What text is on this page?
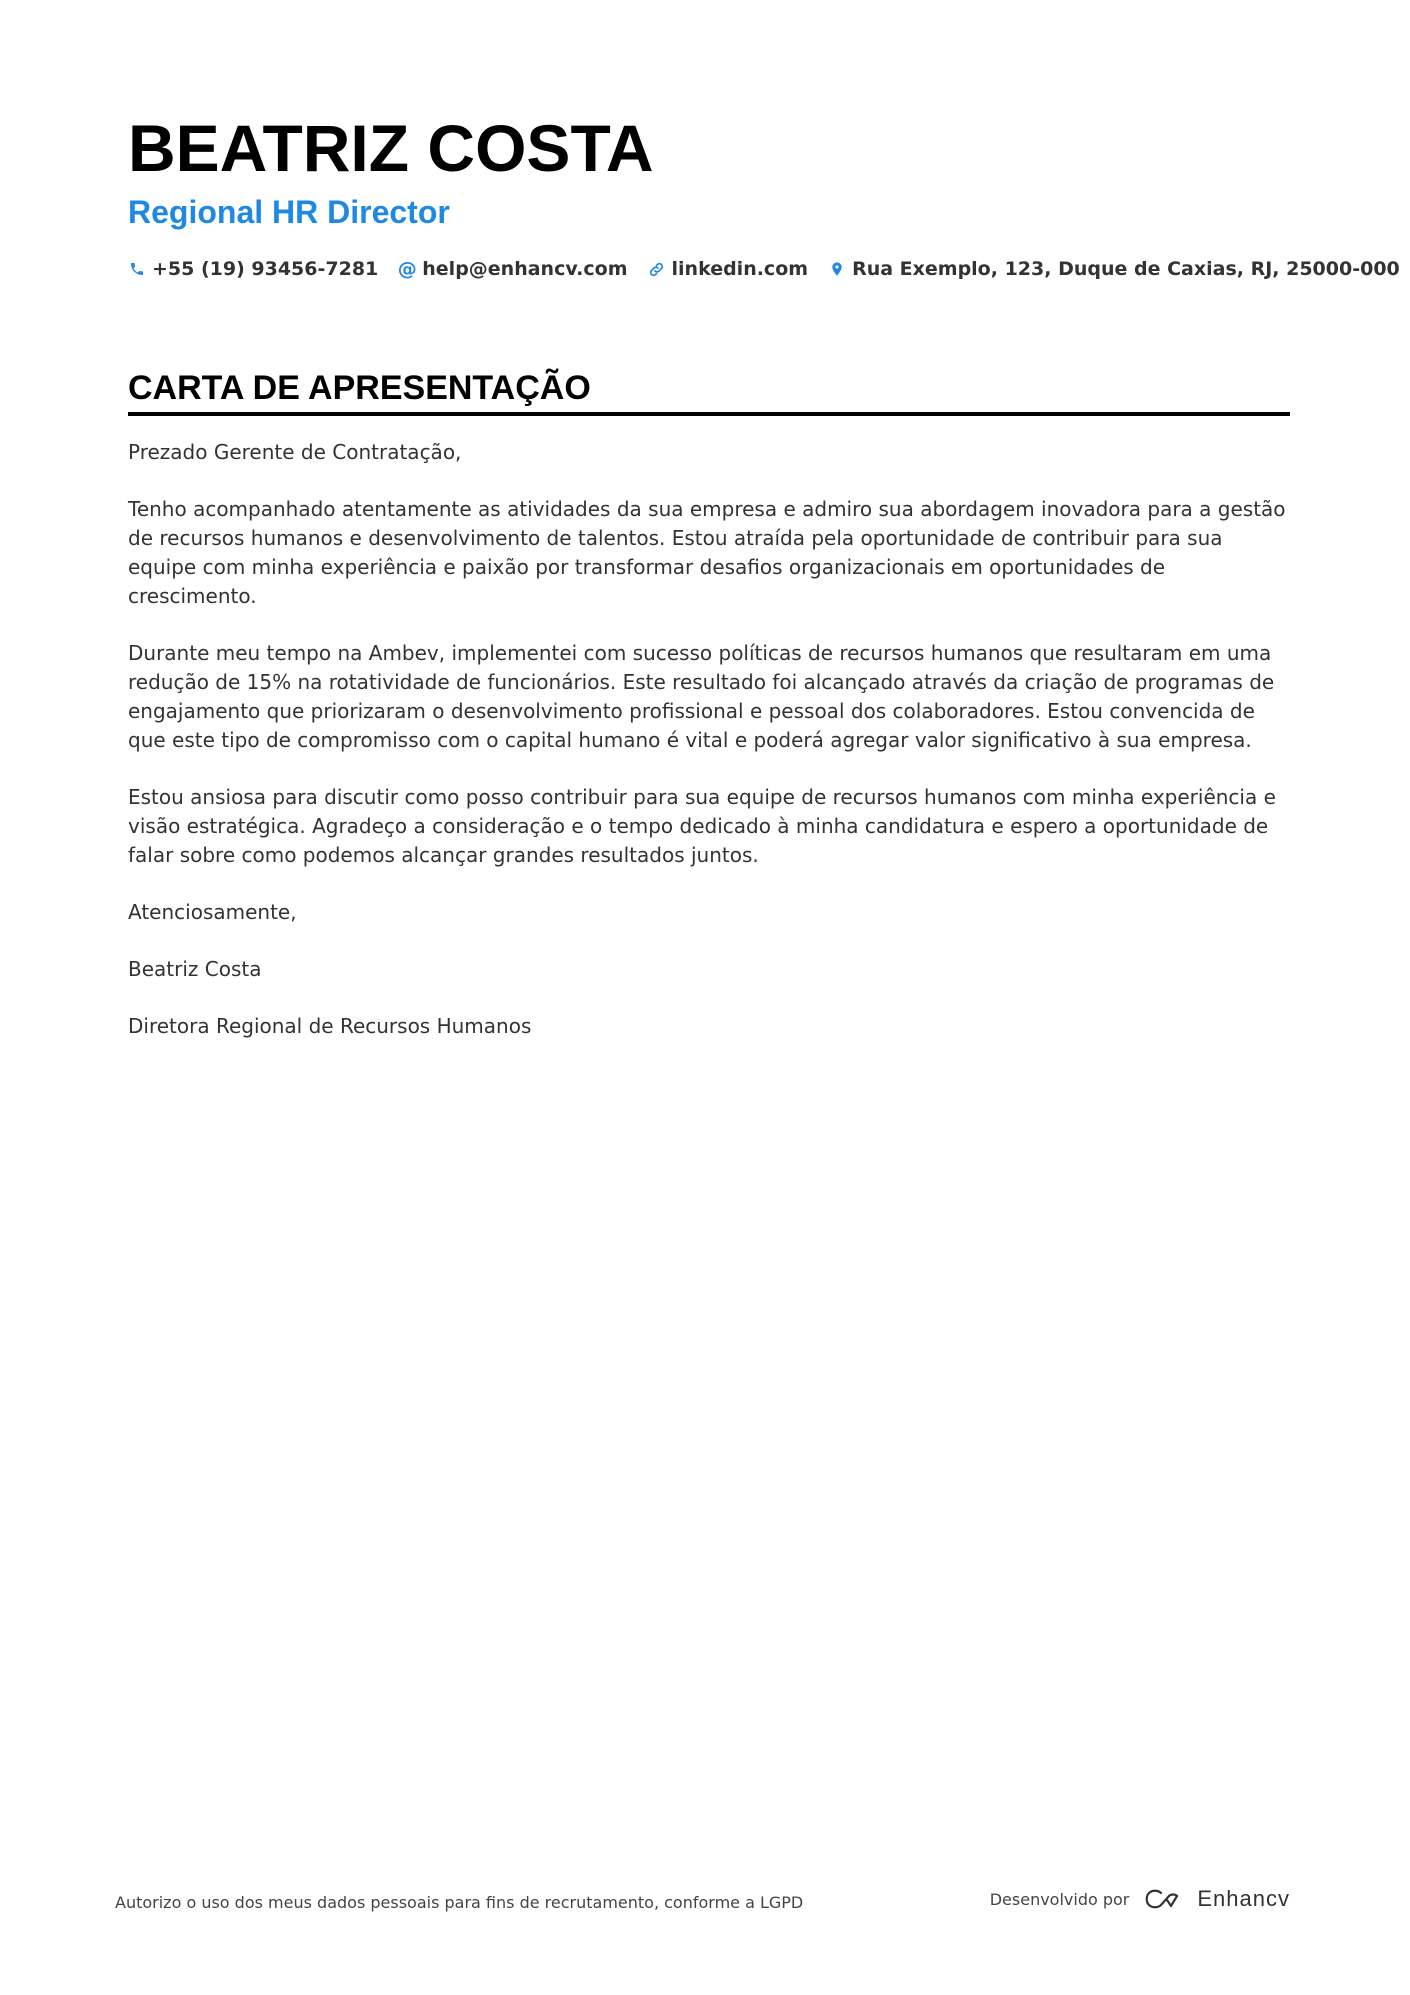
BEATRIZ COSTA
Regional HR Director
+55 (19) 93456-7281 @ help@enhancv.com linkedin.com Rua Exemplo, 123, Duque de Caxias, RJ, 25000-000
CARTA DE APRESENTAÇÃO

Prezado Gerente de Contratação,

Tenho acompanhado atentamente as atividades da sua empresa e admiro sua abordagem inovadora para a gestão de recursos humanos e desenvolvimento de talentos. Estou atraída pela oportunidade de contribuir para sua equipe com minha experiência e paixão por transformar desafios organizacionais em oportunidades de crescimento.

Durante meu tempo na Ambev, implementei com sucesso políticas de recursos humanos que resultaram em uma redução de 15% na rotatividade de funcionários. Este resultado foi alcançado através da criação de programas de engajamento que priorizaram o desenvolvimento profissional e pessoal dos colaboradores. Estou convencida de que este tipo de compromisso com o capital humano é vital e poderá agregar valor significativo à sua empresa.

Estou ansiosa para discutir como posso contribuir para sua equipe de recursos humanos com minha experiência e visão estratégica. Agradeço a consideração e o tempo dedicado à minha candidatura e espero a oportunidade de falar sobre como podemos alcançar grandes resultados juntos.

Atenciosamente,

Beatriz Costa

Diretora Regional de Recursos Humanos

Autorizo o uso dos meus dados pessoais para fins de recrutamento, conforme a LGPD	Desenvolvido por	Enhancv
